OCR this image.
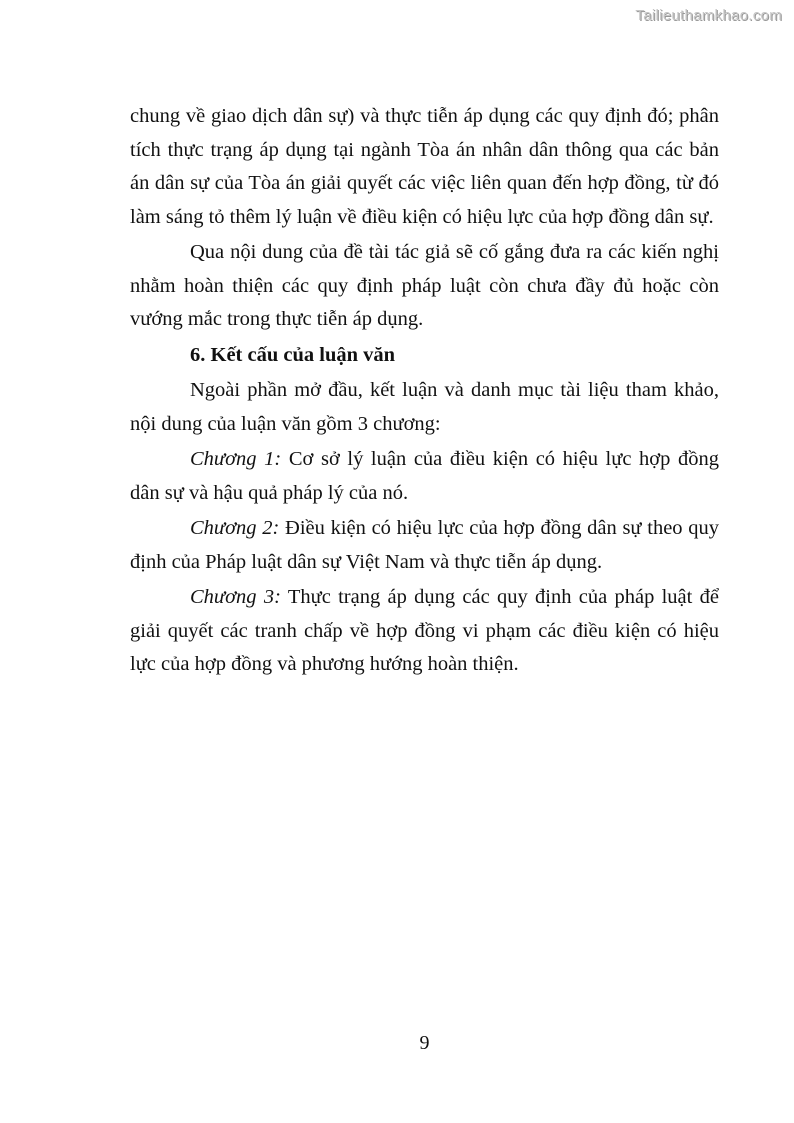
Tailieuthamkhao.com

chung về giao dịch dân sự) và thực tiễn áp dụng các quy định đó; phân tích thực trạng áp dụng tại ngành Tòa án nhân dân thông qua các bản án dân sự của Tòa án giải quyết các việc liên quan đến hợp đồng, từ đó làm sáng tỏ thêm lý luận về điều kiện có hiệu lực của hợp đồng dân sự.

Qua nội dung của đề tài tác giả sẽ cố gắng đưa ra các kiến nghị nhằm hoàn thiện các quy định pháp luật còn chưa đầy đủ hoặc còn vướng mắc trong thực tiễn áp dụng.

6. Kết cấu của luận văn

Ngoài phần mở đầu, kết luận và danh mục tài liệu tham khảo, nội dung của luận văn gồm 3 chương:

Chương 1: Cơ sở lý luận của điều kiện có hiệu lực hợp đồng dân sự và hậu quả pháp lý của nó.

Chương 2: Điều kiện có hiệu lực của hợp đồng dân sự theo quy định của Pháp luật dân sự Việt Nam và thực tiễn áp dụng.

Chương 3: Thực trạng áp dụng các quy định của pháp luật để giải quyết các tranh chấp về hợp đồng vi phạm các điều kiện có hiệu lực của hợp đồng và phương hướng hoàn thiện.

9
